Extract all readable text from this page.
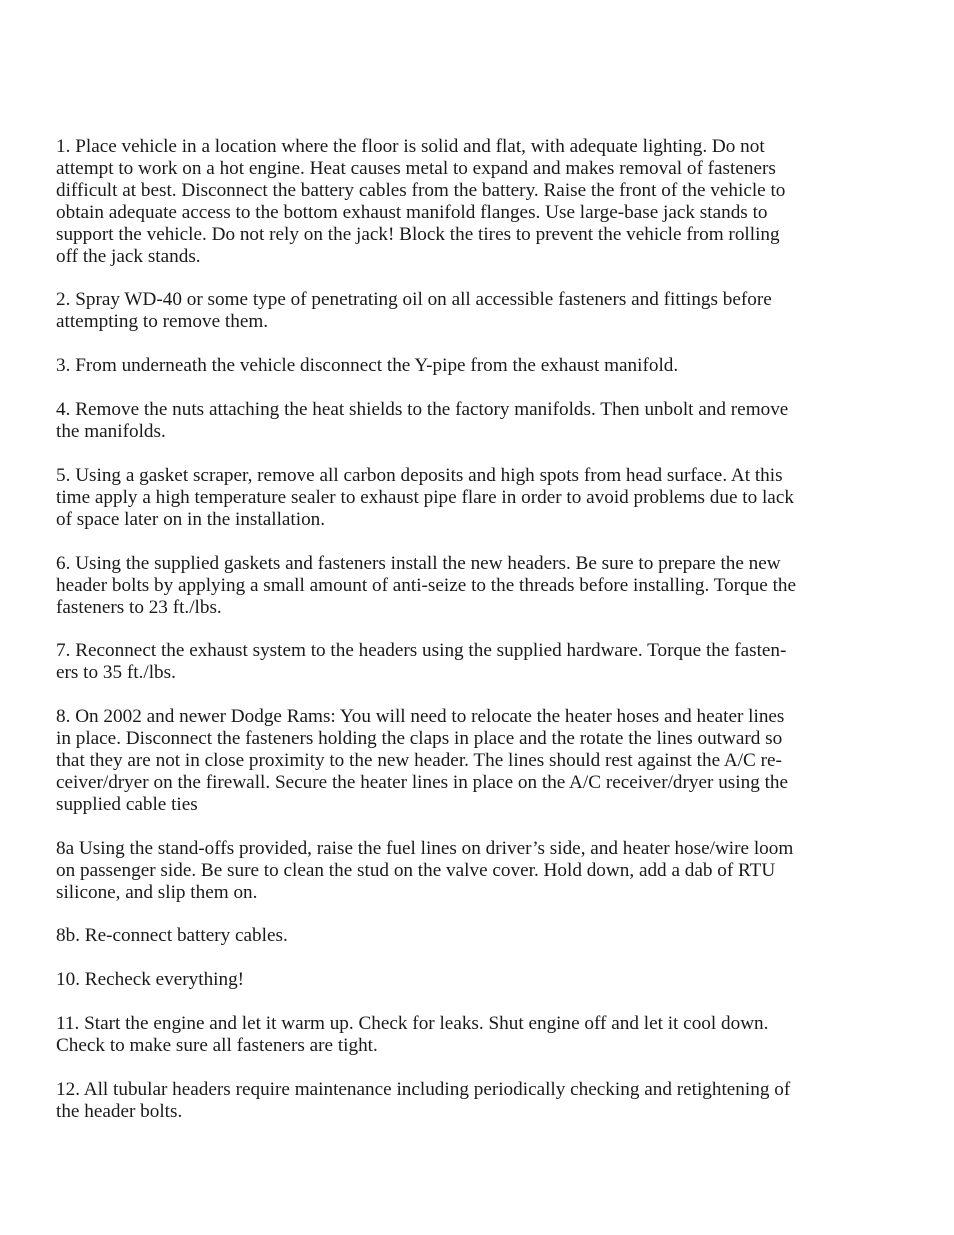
1. Place vehicle in a location where the floor is solid and flat, with adequate lighting. Do not
attempt to work on a hot engine. Heat causes metal to expand and makes removal of fasteners
difficult at best. Disconnect the battery cables from the battery. Raise the front of the vehicle to
obtain adequate access to the bottom exhaust manifold flanges. Use large-base jack stands to
support the vehicle. Do not rely on the jack! Block the tires to prevent the vehicle from rolling
off the jack stands.

2. Spray WD-40 or some type of penetrating oil on all accessible fasteners and fittings before
attempting to remove them.

3. From underneath the vehicle disconnect the Y-pipe from the exhaust manifold.

4. Remove the nuts attaching the heat shields to the factory manifolds. Then unbolt and remove
the manifolds.

5. Using a gasket scraper, remove all carbon deposits and high spots from head surface. At this
time apply a high temperature sealer to exhaust pipe flare in order to avoid problems due to lack
of space later on in the installation.

6. Using the supplied gaskets and fasteners install the new headers. Be sure to prepare the new
header bolts by applying a small amount of anti-seize to the threads before installing. Torque the
fasteners to 23 ft./lbs.

7. Reconnect the exhaust system to the headers using the supplied hardware. Torque the fasten-
ers to 35 ft./lbs.

8. On 2002 and newer Dodge Rams: You will need to relocate the heater hoses and heater lines
in place. Disconnect the fasteners holding the claps in place and the rotate the lines outward so
that they are not in close proximity to the new header. The lines should rest against the A/C re-
ceiver/dryer on the firewall. Secure the heater lines in place on the A/C receiver/dryer using the
supplied cable ties

8a Using the stand-offs provided, raise the fuel lines on driver’s side, and heater hose/wire loom
on passenger side. Be sure to clean the stud on the valve cover. Hold down, add a dab of RTU
silicone, and slip them on.

8b. Re-connect battery cables.

10. Recheck everything!

11. Start the engine and let it warm up. Check for leaks. Shut engine off and let it cool down.
Check to make sure all fasteners are tight.

12. All tubular headers require maintenance including periodically checking and retightening of
the header bolts.
